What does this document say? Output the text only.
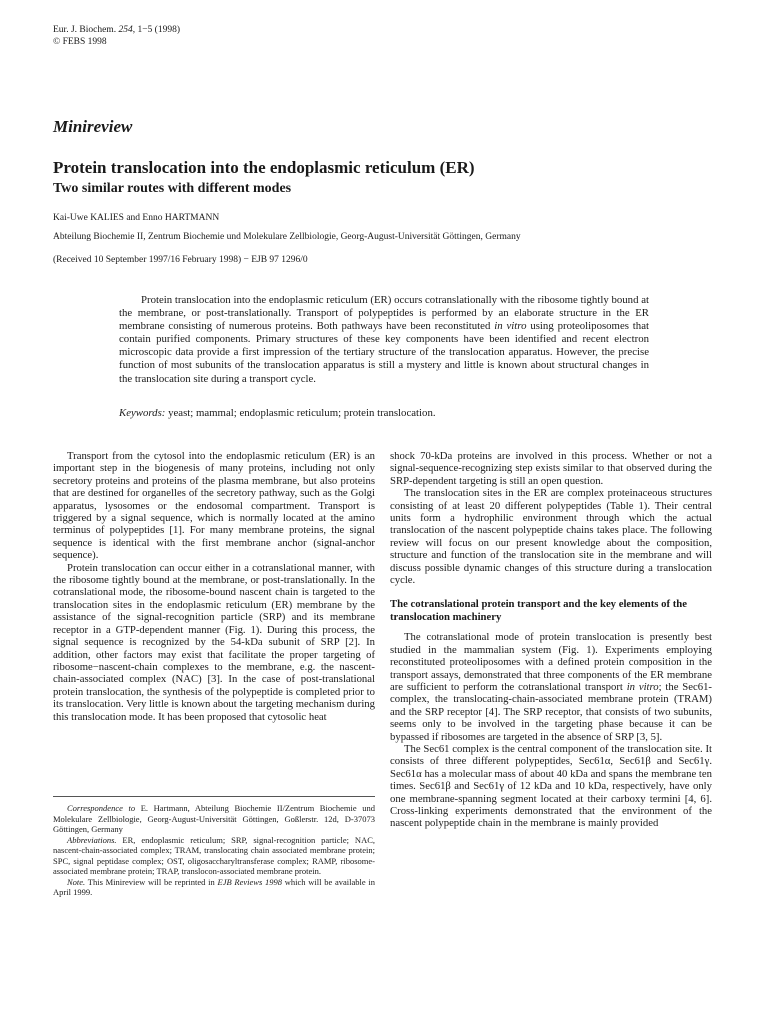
Eur. J. Biochem. 254, 1−5 (1998)
© FEBS 1998
Minireview
Protein translocation into the endoplasmic reticulum (ER)
Two similar routes with different modes
Kai-Uwe KALIES and Enno HARTMANN
Abteilung Biochemie II, Zentrum Biochemie und Molekulare Zellbiologie, Georg-August-Universität Göttingen, Germany
(Received 10 September 1997/16 February 1998) − EJB 97 1296/0
Protein translocation into the endoplasmic reticulum (ER) occurs cotranslationally with the ribosome tightly bound at the membrane, or post-translationally. Transport of polypeptides is performed by an elaborate structure in the ER membrane consisting of numerous proteins. Both pathways have been reconstituted in vitro using proteoliposomes that contain purified components. Primary structures of these key components have been identified and recent electron microscopic data provide a first impression of the tertiary structure of the translocation apparatus. However, the precise function of most subunits of the translocation apparatus is still a mystery and little is known about structural changes in the translocation site during a transport cycle.
Keywords: yeast; mammal; endoplasmic reticulum; protein translocation.

Transport from the cytosol into the endoplasmic reticulum (ER) is an important step in the biogenesis of many proteins, including not only secretory proteins and proteins of the plasma membrane, but also proteins that are destined for organelles of the secretory pathway, such as the Golgi apparatus, lysosomes or the endosomal compartment. Transport is triggered by a signal sequence, which is normally located at the amino terminus of polypeptides [1]. For many membrane proteins, the signal sequence is identical with the first membrane anchor (signal-anchor sequence).

Protein translocation can occur either in a cotranslational manner, with the ribosome tightly bound at the membrane, or post-translationally. In the cotranslational mode, the ribosome-bound nascent chain is targeted to the translocation sites in the endoplasmic reticulum (ER) membrane by the assistance of the signal-recognition particle (SRP) and its membrane receptor in a GTP-dependent manner (Fig. 1). During this process, the signal sequence is recognized by the 54-kDa subunit of SRP [2]. In addition, other factors may exist that facilitate the proper targeting of ribosome−nascent-chain complexes to the membrane, e.g. the nascent-chain-associated complex (NAC) [3]. In the case of post-translational protein translocation, the synthesis of the polypeptide is completed prior to its translocation. Very little is known about the targeting mechanism during this translocation mode. It has been proposed that cytosolic heat

Correspondence to E. Hartmann, Abteilung Biochemie II/Zentrum Biochemie und Molekulare Zellbiologie, Georg-August-Universität Göttingen, Goßlerstr. 12d, D-37073 Göttingen, Germany

Abbreviations. ER, endoplasmic reticulum; SRP, signal-recognition particle; NAC, nascent-chain-associated complex; TRAM, translocating chain associated membrane protein; SPC, signal peptidase complex; OST, oligosaccharyltransferase complex; RAMP, ribosome-associated membrane protein; TRAP, translocon-associated membrane protein.

Note. This Minireview will be reprinted in EJB Reviews 1998 which will be available in April 1999.

shock 70-kDa proteins are involved in this process. Whether or not a signal-sequence-recognizing step exists similar to that observed during the SRP-dependent targeting is still an open question.

The translocation sites in the ER are complex proteinaceous structures consisting of at least 20 different polypeptides (Table 1). Their central units form a hydrophilic environment through which the actual translocation of the nascent polypeptide chains takes place. The following review will focus on our present knowledge about the composition, structure and function of the translocation site in the membrane and will discuss possible dynamic changes of this structure during a translocation cycle.

The cotranslational protein transport and the key elements of the translocation machinery

The cotranslational mode of protein translocation is presently best studied in the mammalian system (Fig. 1). Experiments employing reconstituted proteoliposomes with a defined protein composition in the transport assays, demonstrated that three components of the ER membrane are sufficient to perform the cotranslational transport in vitro; the Sec61-complex, the translocating-chain-associated membrane protein (TRAM) and the SRP receptor [4]. The SRP receptor, that consists of two subunits, seems only to be involved in the targeting phase because it can be bypassed if ribosomes are targeted in the absence of SRP [3, 5].

The Sec61 complex is the central component of the translocation site. It consists of three different polypeptides, Sec61α, Sec61β and Sec61γ. Sec61α has a molecular mass of about 40 kDa and spans the membrane ten times. Sec61β and Sec61γ of 12 kDa and 10 kDa, respectively, have only one membrane-spanning segment located at their carboxy termini [4, 6]. Cross-linking experiments demonstrated that the environment of the nascent polypeptide chain in the membrane is mainly provided
